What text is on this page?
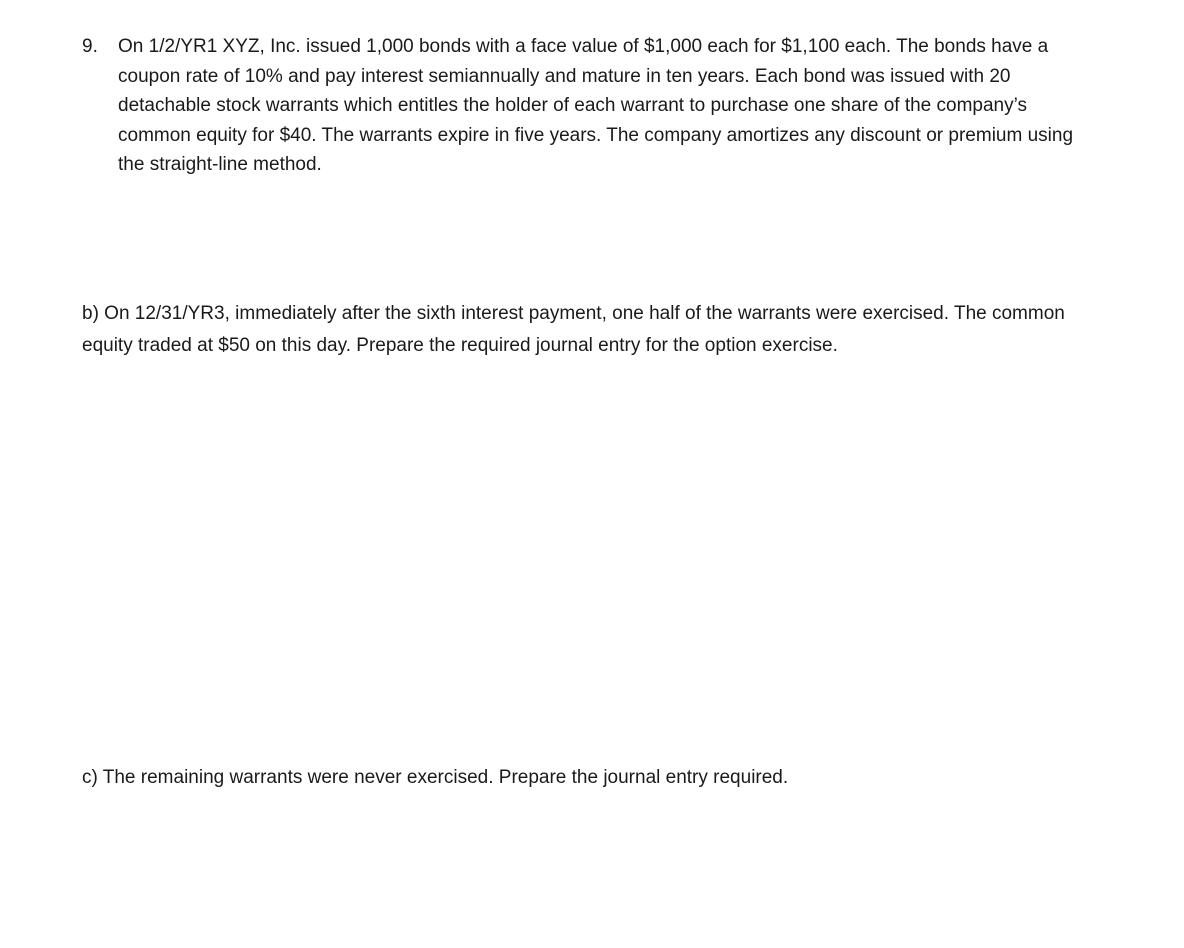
9. On 1/2/YR1 XYZ, Inc. issued 1,000 bonds with a face value of $1,000 each for $1,100 each. The bonds have a coupon rate of 10% and pay interest semiannually and mature in ten years. Each bond was issued with 20 detachable stock warrants which entitles the holder of each warrant to purchase one share of the company’s common equity for $40. The warrants expire in five years. The company amortizes any discount or premium using the straight-line method.
b) On 12/31/YR3, immediately after the sixth interest payment, one half of the warrants were exercised. The common equity traded at $50 on this day. Prepare the required journal entry for the option exercise.
c) The remaining warrants were never exercised. Prepare the journal entry required.
